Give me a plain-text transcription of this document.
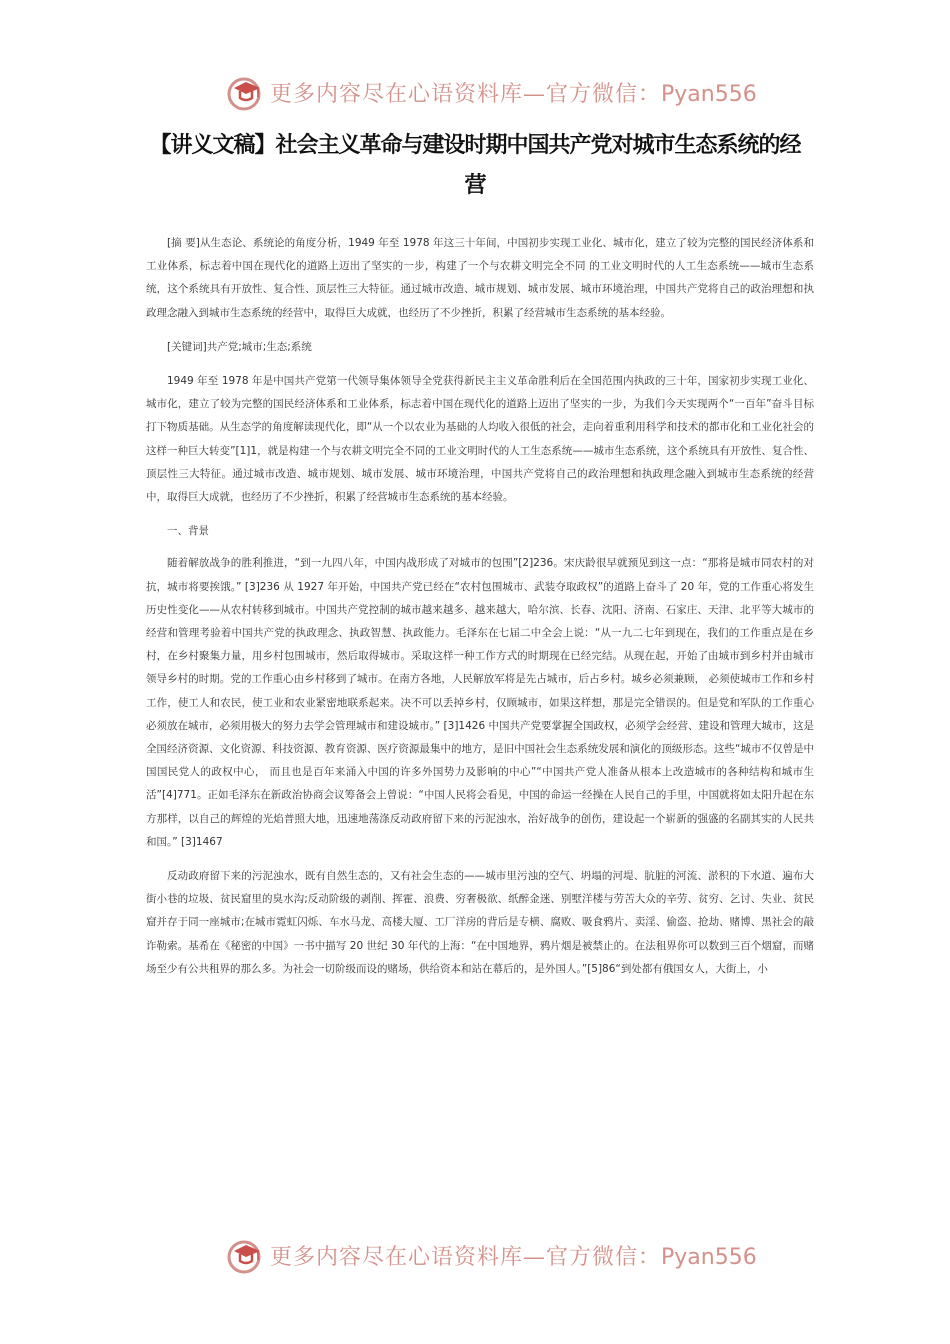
更多内容尽在心语资料库—官方微信：Pyan556
【讲义文稿】社会主义革命与建设时期中国共产党对城市生态系统的经营

[摘 要]从生态论、系统论的角度分析，1949 年至 1978 年这三十年间，中国初步实现工业化、城市化，建立了较为完整的国民经济体系和工业体系，标志着中国在现代化的道路上迈出了坚实的一步，构建了一个与农耕文明完全不同 的工业文明时代的人工生态系统——城市生态系统，这个系统具有开放性、复合性、顶层性三大特征。通过城市改造、城市规划、城市发展、城市环境治理，中国共产党将自己的政治理想和执政理念融入到城市生态系统的经营中，取得巨大成就，也经历了不少挫折，积累了经营城市生态系统的基本经验。

[关键词]共产党;城市;生态;系统

1949 年至 1978 年是中国共产党第一代领导集体领导全党获得新民主主义革命胜利后在全国范围内执政的三十年，国家初步实现工业化、城市化，建立了较为完整的国民经济体系和工业体系，标志着中国在现代化的道路上迈出了坚实的一步，为我们今天实现两个“一百年”奋斗目标打下物质基础。从生态学的角度解读现代化，即“从一个以农业为基础的人均收入很低的社会，走向着重利用科学和技术的都市化和工业化社会的这样一种巨大转变”[1]1，就是构建一个与农耕文明完全不同的工业文明时代的人工生态系统——城市生态系统，这个系统具有开放性、复合性、顶层性三大特征。通过城市改造、城市规划、城市发展、城市环境治理，中国共产党将自己的政治理想和执政理念融入到城市生态系统的经营中，取得巨大成就，也经历了不少挫折，积累了经营城市生态系统的基本经验。

一、背景

随着解放战争的胜利推进，“到一九四八年，中国内战形成了对城市的包围”[2]236。宋庆龄很早就预见到这一点：“那将是城市同农村的对抗，城市将要挨饿。” [3]236 从 1927 年开始，中国共产党已经在“农村包围城市、武装夺取政权”的道路上奋斗了 20 年，党的工作重心将发生历史性变化——从农村转移到城市。中国共产党控制的城市越来越多、越来越大，哈尔滨、长春、沈阳、济南、石家庄、天津、北平等大城市的经营和管理考验着中国共产党的执政理念、执政智慧、执政能力。毛泽东在七届二中全会上说：“从一九二七年到现在，我们的工作重点是在乡村，在乡村聚集力量，用乡村包围城市，然后取得城市。采取这样一种工作方式的时期现在已经完结。从现在起，开始了由城市到乡村并由城市领导乡村的时期。党的工作重心由乡村移到了城市。在南方各地，人民解放军将是先占城市，后占乡村。城乡必须兼顾， 必须使城市工作和乡村工作，使工人和农民，使工业和农业紧密地联系起来。决不可以丢掉乡村，仅顾城市，如果这样想，那是完全错误的。但是党和军队的工作重心必须放在城市，必须用极大的努力去学会管理城市和建设城市。” [3]1426 中国共产党要掌握全国政权，必须学会经营、建设和管理大城市，这是全国经济资源、文化资源、科技资源、教育资源、医疗资源最集中的地方，是旧中国社会生态系统发展和演化的顶级形态。这些“城市不仅曾是中国国民党人的政权中心， 而且也是百年来涌入中国的许多外国势力及影响的中心”“中国共产党人准备从根本上改造城市的各种结构和城市生活”[4]771。正如毛泽东在新政治协商会议筹备会上曾说：“中国人民将会看见，中国的命运一经操在人民自己的手里，中国就将如太阳升起在东方那样，以自己的辉煌的光焰普照大地，迅速地荡涤反动政府留下来的污泥浊水，治好战争的创伤，建设起一个崭新的强盛的名副其实的人民共和国。” [3]1467

反动政府留下来的污泥浊水，既有自然生态的，又有社会生态的——城市里污浊的空气、坍塌的河堤、肮脏的河流、淤积的下水道、遍布大街小巷的垃圾、贫民窟里的臭水沟;反动阶级的剥削、挥霍、浪费、穷奢极欲、纸醉金迷、别墅洋楼与劳苦大众的辛劳、贫穷、乞讨、失业、贫民窟并存于同一座城市;在城市霓虹闪烁、车水马龙、高楼大厦、工厂洋房的背后是专横、腐败、吸食鸦片、卖淫、偷盗、抢劫、赌博、黑社会的敲诈勒索。基希在《秘密的中国》一书中描写 20 世纪 30 年代的上海：“在中国地界，鸦片烟是被禁止的。在法租界你可以数到三百个烟窟，而赌场至少有公共租界的那么多。为社会一切阶级而设的赌场，供给资本和站在幕后的，是外国人。”[5]86“到处都有俄国女人，大街上，小

更多内容尽在心语资料库—官方微信：Pyan556
